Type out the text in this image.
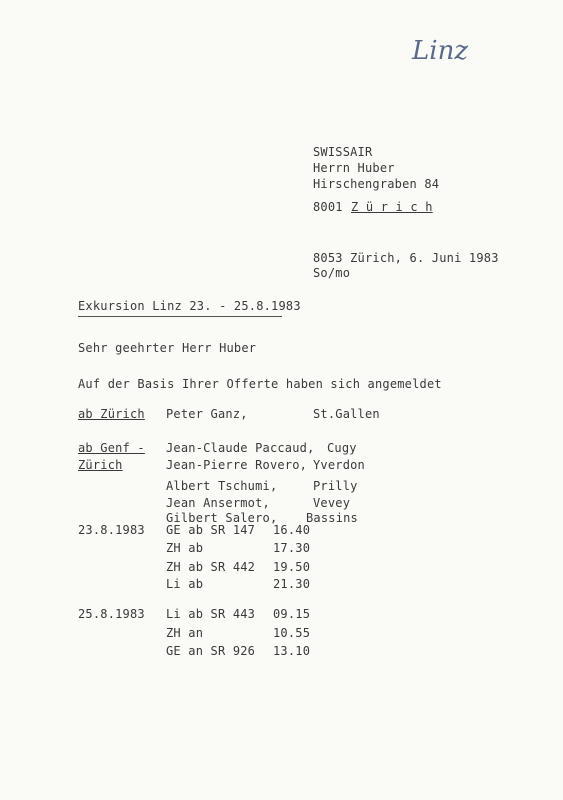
Linz
SWISSAIR
Herrn Huber
Hirschengraben 84
8001 Z ü r i c h
8053 Zürich, 6. Juni 1983
So/mo
Exkursion Linz 23. - 25.8.1983
Sehr geehrter Herr Huber
Auf der Basis Ihrer Offerte haben sich angemeldet
ab Zürich Peter Ganz,	St.Gallen
ab Genf - Jean-Claude Paccaud, Cugy
Zürich	Jean-Pierre Rovero, Yverdon
Albert Tschumi,	Prilly
Jean Ansermot,	Vevey
Gilbert Salero, Bassins
23.8.1983 GE ab SR 147 16.40
ZH ab	17.30
ZH ab SR 442 19.50
Li ab	21.30
25.8.1983 Li ab SR 443 09.15
ZH an	10.55
GE an SR 926 13.10
